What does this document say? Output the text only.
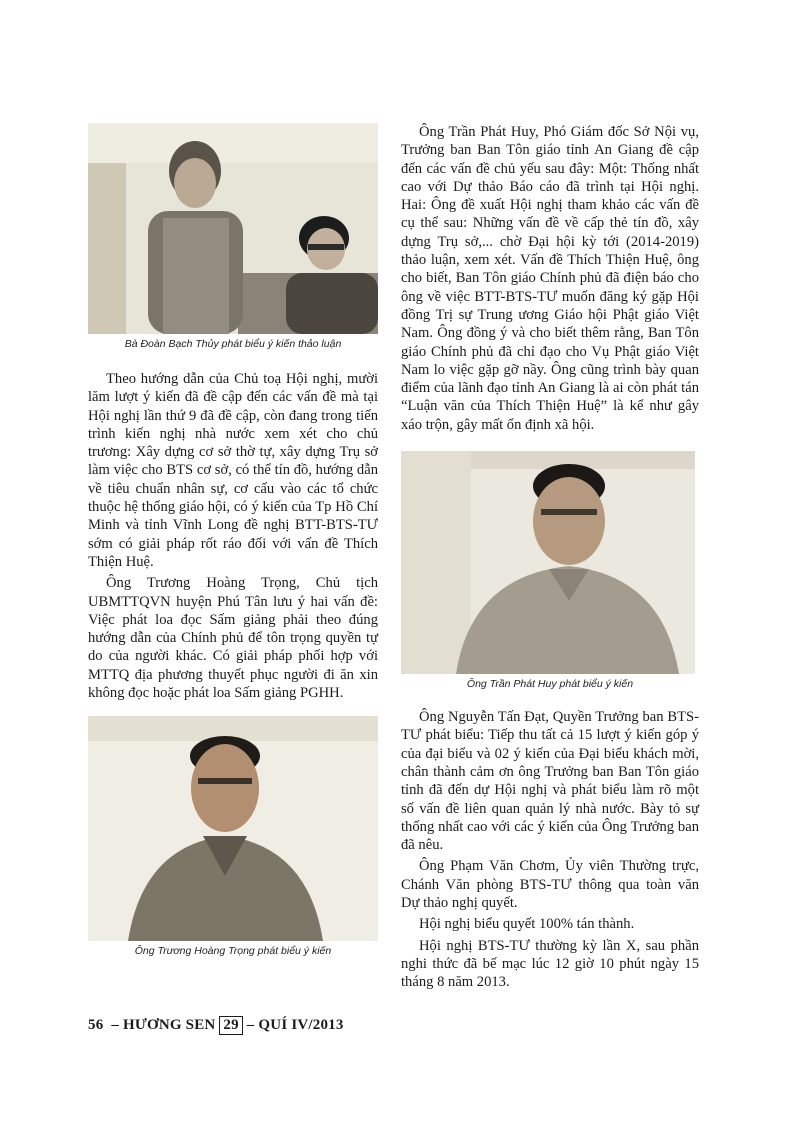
Bà Đoàn Bạch Thủy phát biểu ý kiến thảo luận

Theo hướng dẫn của Chủ toạ Hội nghị, mười lăm lượt ý kiến đã đề cập đến các vấn đề mà tại Hội nghị lần thứ 9 đã đề cập, còn đang trong tiến trình kiến nghị nhà nước xem xét cho chủ trương: Xây dựng cơ sở thờ tự, xây dựng Trụ sở làm việc cho BTS cơ sở, có thể tín đồ, hướng dẫn về tiêu chuẩn nhân sự, cơ cấu vào các tổ chức thuộc hệ thống giáo hội, có ý kiến của Tp Hồ Chí Minh và tỉnh Vĩnh Long đề nghị BTT-BTS-TƯ sớm có giải pháp rốt ráo đối với vấn đề Thích Thiện Huệ.

Ông Trương Hoàng Trọng, Chủ tịch UBMTTQVN huyện Phú Tân lưu ý hai vấn đề: Việc phát loa đọc Sấm giảng phải theo đúng hướng dẫn của Chính phủ để tôn trọng quyền tự do của người khác. Có giải pháp phối hợp với MTTQ địa phương thuyết phục người đi ăn xin không đọc hoặc phát loa Sấm giảng PGHH.

Ông Trương Hoàng Trọng phát biểu ý kiến

Ông Trần Phát Huy, Phó Giám đốc Sở Nội vụ, Trưởng ban Ban Tôn giáo tỉnh An Giang đề cập đến các vấn đề chủ yếu sau đây: Một: Thống nhất cao với Dự thảo Báo cáo đã trình tại Hội nghị. Hai: Ông đề xuất Hội nghị tham khảo các vấn đề cụ thể sau: Những vấn đề về cấp thẻ tín đồ, xây dựng Trụ sở,... chờ Đại hội kỳ tới (2014-2019) thảo luận, xem xét. Vấn đề Thích Thiện Huệ, ông cho biết, Ban Tôn giáo Chính phủ đã điện báo cho ông về việc BTT-BTS-TƯ muốn đăng ký gặp Hội đồng Trị sự Trung ương Giáo hội Phật giáo Việt Nam. Ông đồng ý và cho biết thêm rằng, Ban Tôn giáo Chính phủ đã chỉ đạo cho Vụ Phật giáo Việt Nam lo việc gặp gỡ nầy. Ông cũng trình bày quan điểm của lãnh đạo tỉnh An Giang là ai còn phát tán “Luận văn của Thích Thiện Huệ” là kể như gây xáo trộn, gây mất ổn định xã hội.

Ông Trần Phát Huy phát biểu ý kiến

Ông Nguyễn Tấn Đạt, Quyền Trưởng ban BTS-TƯ phát biểu: Tiếp thu tất cả 15 lượt ý kiến góp ý của đại biểu và 02 ý kiến của Đại biểu khách mời, chân thành cảm ơn ông Trưởng ban Ban Tôn giáo tỉnh đã đến dự Hội nghị và phát biểu làm rõ một số vấn đề liên quan quản lý nhà nước. Bày tỏ sự thống nhất cao với các ý kiến của Ông Trưởng ban đã nêu.

Ông Phạm Văn Chơm, Ủy viên Thường trực, Chánh Văn phòng BTS-TƯ thông qua toàn văn Dự thảo nghị quyết.

Hội nghị biểu quyết 100% tán thành.

Hội nghị BTS-TƯ thường kỳ lần X, sau phần nghi thức đã bế mạc lúc 12 giờ 10 phút ngày 15 tháng 8 năm 2013.

56 – HƯƠNG SEN 29 – QUÍ IV/2013
